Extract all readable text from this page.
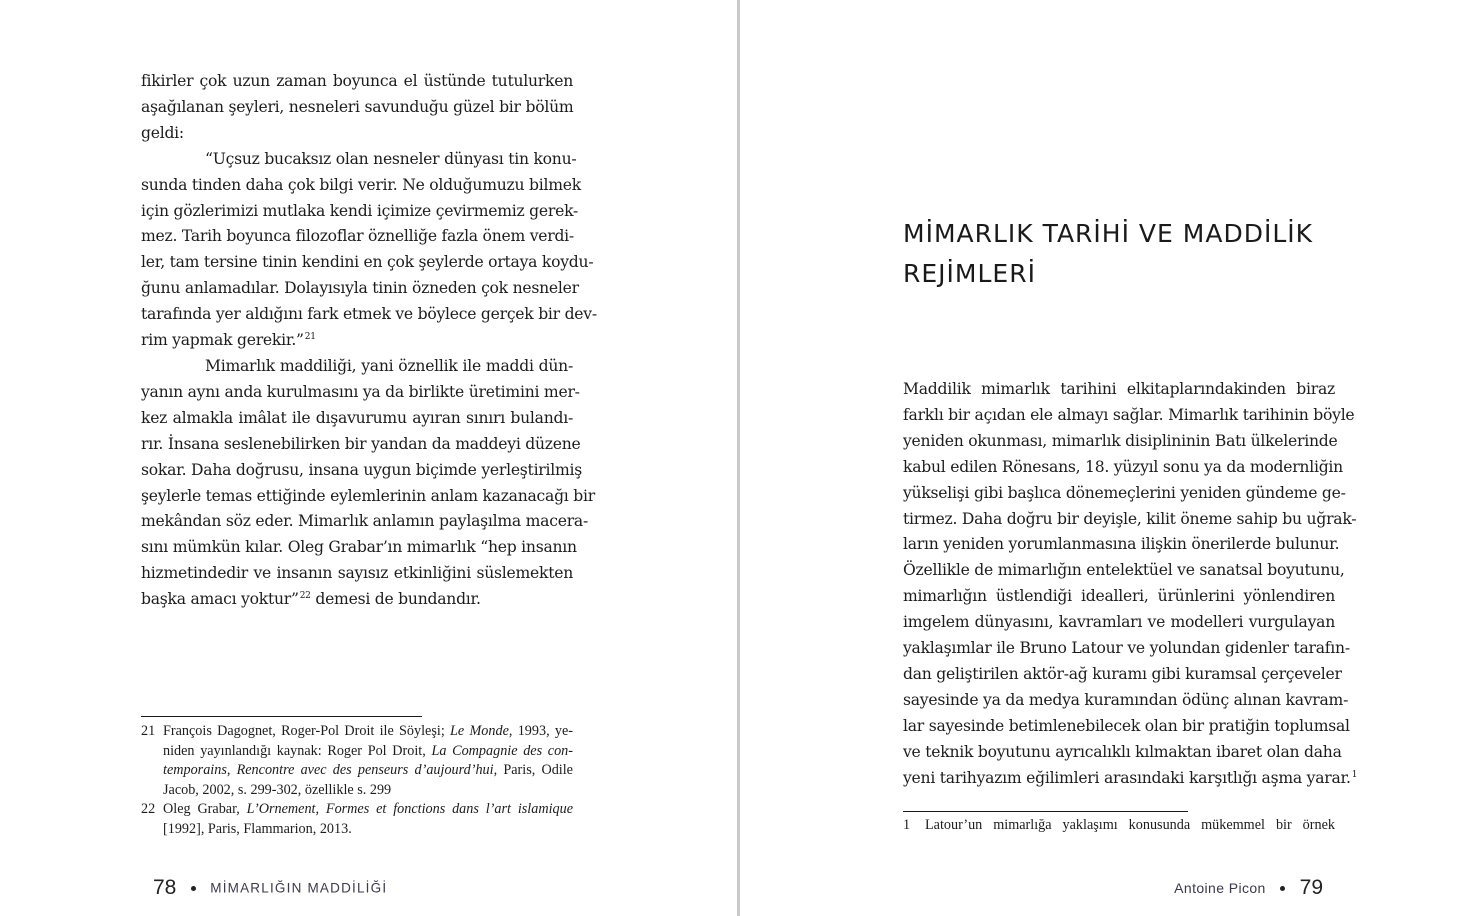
fikirler çok uzun zaman boyunca el üstünde tutulurken
aşağılanan şeyleri, nesneleri savunduğu güzel bir bölüm
geldi:

“Uçsuz bucaksız olan nesneler dünyası tin konu-
sunda tinden daha çok bilgi verir. Ne olduğumuzu bilmek
için gözlerimizi mutlaka kendi içimize çevirmemiz gerek-
mez. Tarih boyunca filozoflar öznelliğe fazla önem verdi-
ler, tam tersine tinin kendini en çok şeylerde ortaya koydu-
ğunu anlamadılar. Dolayısıyla tinin özneden çok nesneler
tarafında yer aldığını fark etmek ve böylece gerçek bir dev-
rim yapmak gerekir.”$^{21}$

Mimarlık maddiliği, yani öznellik ile maddi dün-
yanın aynı anda kurulmasını ya da birlikte üretimini mer-
kez almakla imâlat ile dışavurumu ayıran sınırı bulandı-
rır. İnsana seslenebilirken bir yandan da maddeyi düzene
sokar. Daha doğrusu, insana uygun biçimde yerleştirilmiş
şeylerle temas ettiğinde eylemlerinin anlam kazanacağı bir
mekândan söz eder. Mimarlık anlamın paylaşılma macera-
sını mümkün kılar. Oleg Grabar’ın mimarlık “hep insanın
hizmetindedir ve insanın sayısız etkinliğini süslemekten
başka amacı yoktur”$^{22}$ demesi de bundandır.

21 François Dagognet, Roger-Pol Droit ile Söyleşi; Le Monde, 1993, ye-
niden yayınlandığı kaynak: Roger Pol Droit, La Compagnie des con-
temporains, Rencontre avec des penseurs d’aujourd’hui, Paris, Odile
Jacob, 2002, s. 299-302, özellikle s. 299
22 Oleg Grabar, L’Ornement, Formes et fonctions dans l’art islamique
[1992], Paris, Flammarion, 2013.
78	MİMARLIĞIN MADDİLİĞİ
MİMARLIK TARİHİ VE MADDİLİK
REJİMLERİ

Maddilik mimarlık tarihini elkitaplarındakinden biraz
farklı bir açıdan ele almayı sağlar. Mimarlık tarihinin böyle
yeniden okunması, mimarlık disiplininin Batı ülkelerinde
kabul edilen Rönesans, 18. yüzyıl sonu ya da modernliğin
yükselişi gibi başlıca dönemeçlerini yeniden gündeme ge-
tirmez. Daha doğru bir deyişle, kilit öneme sahip bu uğrak-
ların yeniden yorumlanmasına ilişkin önerilerde bulunur.
Özellikle de mimarlığın entelektüel ve sanatsal boyutunu,
mimarlığın üstlendiği idealleri, ürünlerini yönlendiren
imgelem dünyasını, kavramları ve modelleri vurgulayan
yaklaşımlar ile Bruno Latour ve yolundan gidenler tarafın-
dan geliştirilen aktör-ağ kuramı gibi kuramsal çerçeveler
sayesinde ya da medya kuramından ödünç alınan kavram-
lar sayesinde betimlenebilecek olan bir pratiğin toplumsal
ve teknik boyutunu ayrıcalıklı kılmaktan ibaret olan daha
yeni tarihyazım eğilimleri arasındaki karşıtlığı aşma yarar.$^1$

1 Latour’un mimarlığa yaklaşımı konusunda mükemmel bir örnek
Antoine Picon 79
